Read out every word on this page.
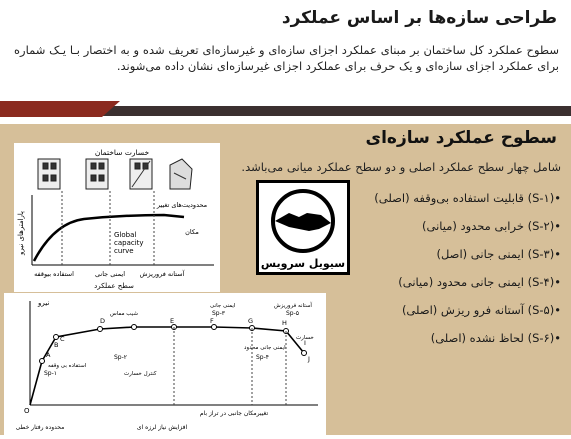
طراحی سازه‌ها بر اساس عملکرد
سطوح عملکرد کل ساختمان بر مبنای عملکرد اجزای سازه‌ای و غیرسازه‌ای تعریف شده و به اختصار بـا یـک شماره برای عملکرد اجزای سازه‌ای و یک حرف برای عملکرد اجزای غیرسازه‌ای نشان داده می‌شوند.
سطوح عملکرد سازه‌ای
شامل چهار سطح عملکرد اصلی و دو سطح عملکرد میانی می‌باشد.
•(S-۱) قابلیت استفاده بی‌وقفه (اصلی)
•(S-۲) خرابی محدود (میانی)
•(S-۳) ایمنی جانی (اصل)
•(S-۴) ایمنی جانی محدود (میانی)
•(S-۵) آستانه فرو ریزش (اصلی)
•(S-۶) لحاظ نشده (اصلی)
خسارت ساختمان
پارامترهای نیرو
محدودیت‌های تغییر
مکان
Global
capacity
curve
استفاده بیوقفه	ایمنی جانی آستانه فروریزش
سطح عملکرد
نیرو
A
B
C
D	E	F	G	H
I
J
O
Sp-۱
Sp-۲
Sp-۳
Sp-۴
Sp-۵
استفاده بی وقفه
کنترل خسارت
ایمنی جانی
ایمنی جانی محدود
آستانه فروریزش
خسارت
شیب مماس
تغییرمکان جانبی در تراز بام
محدوده رفتار خطی	افزایش نیاز لرزه ای
سیویل سرویس
